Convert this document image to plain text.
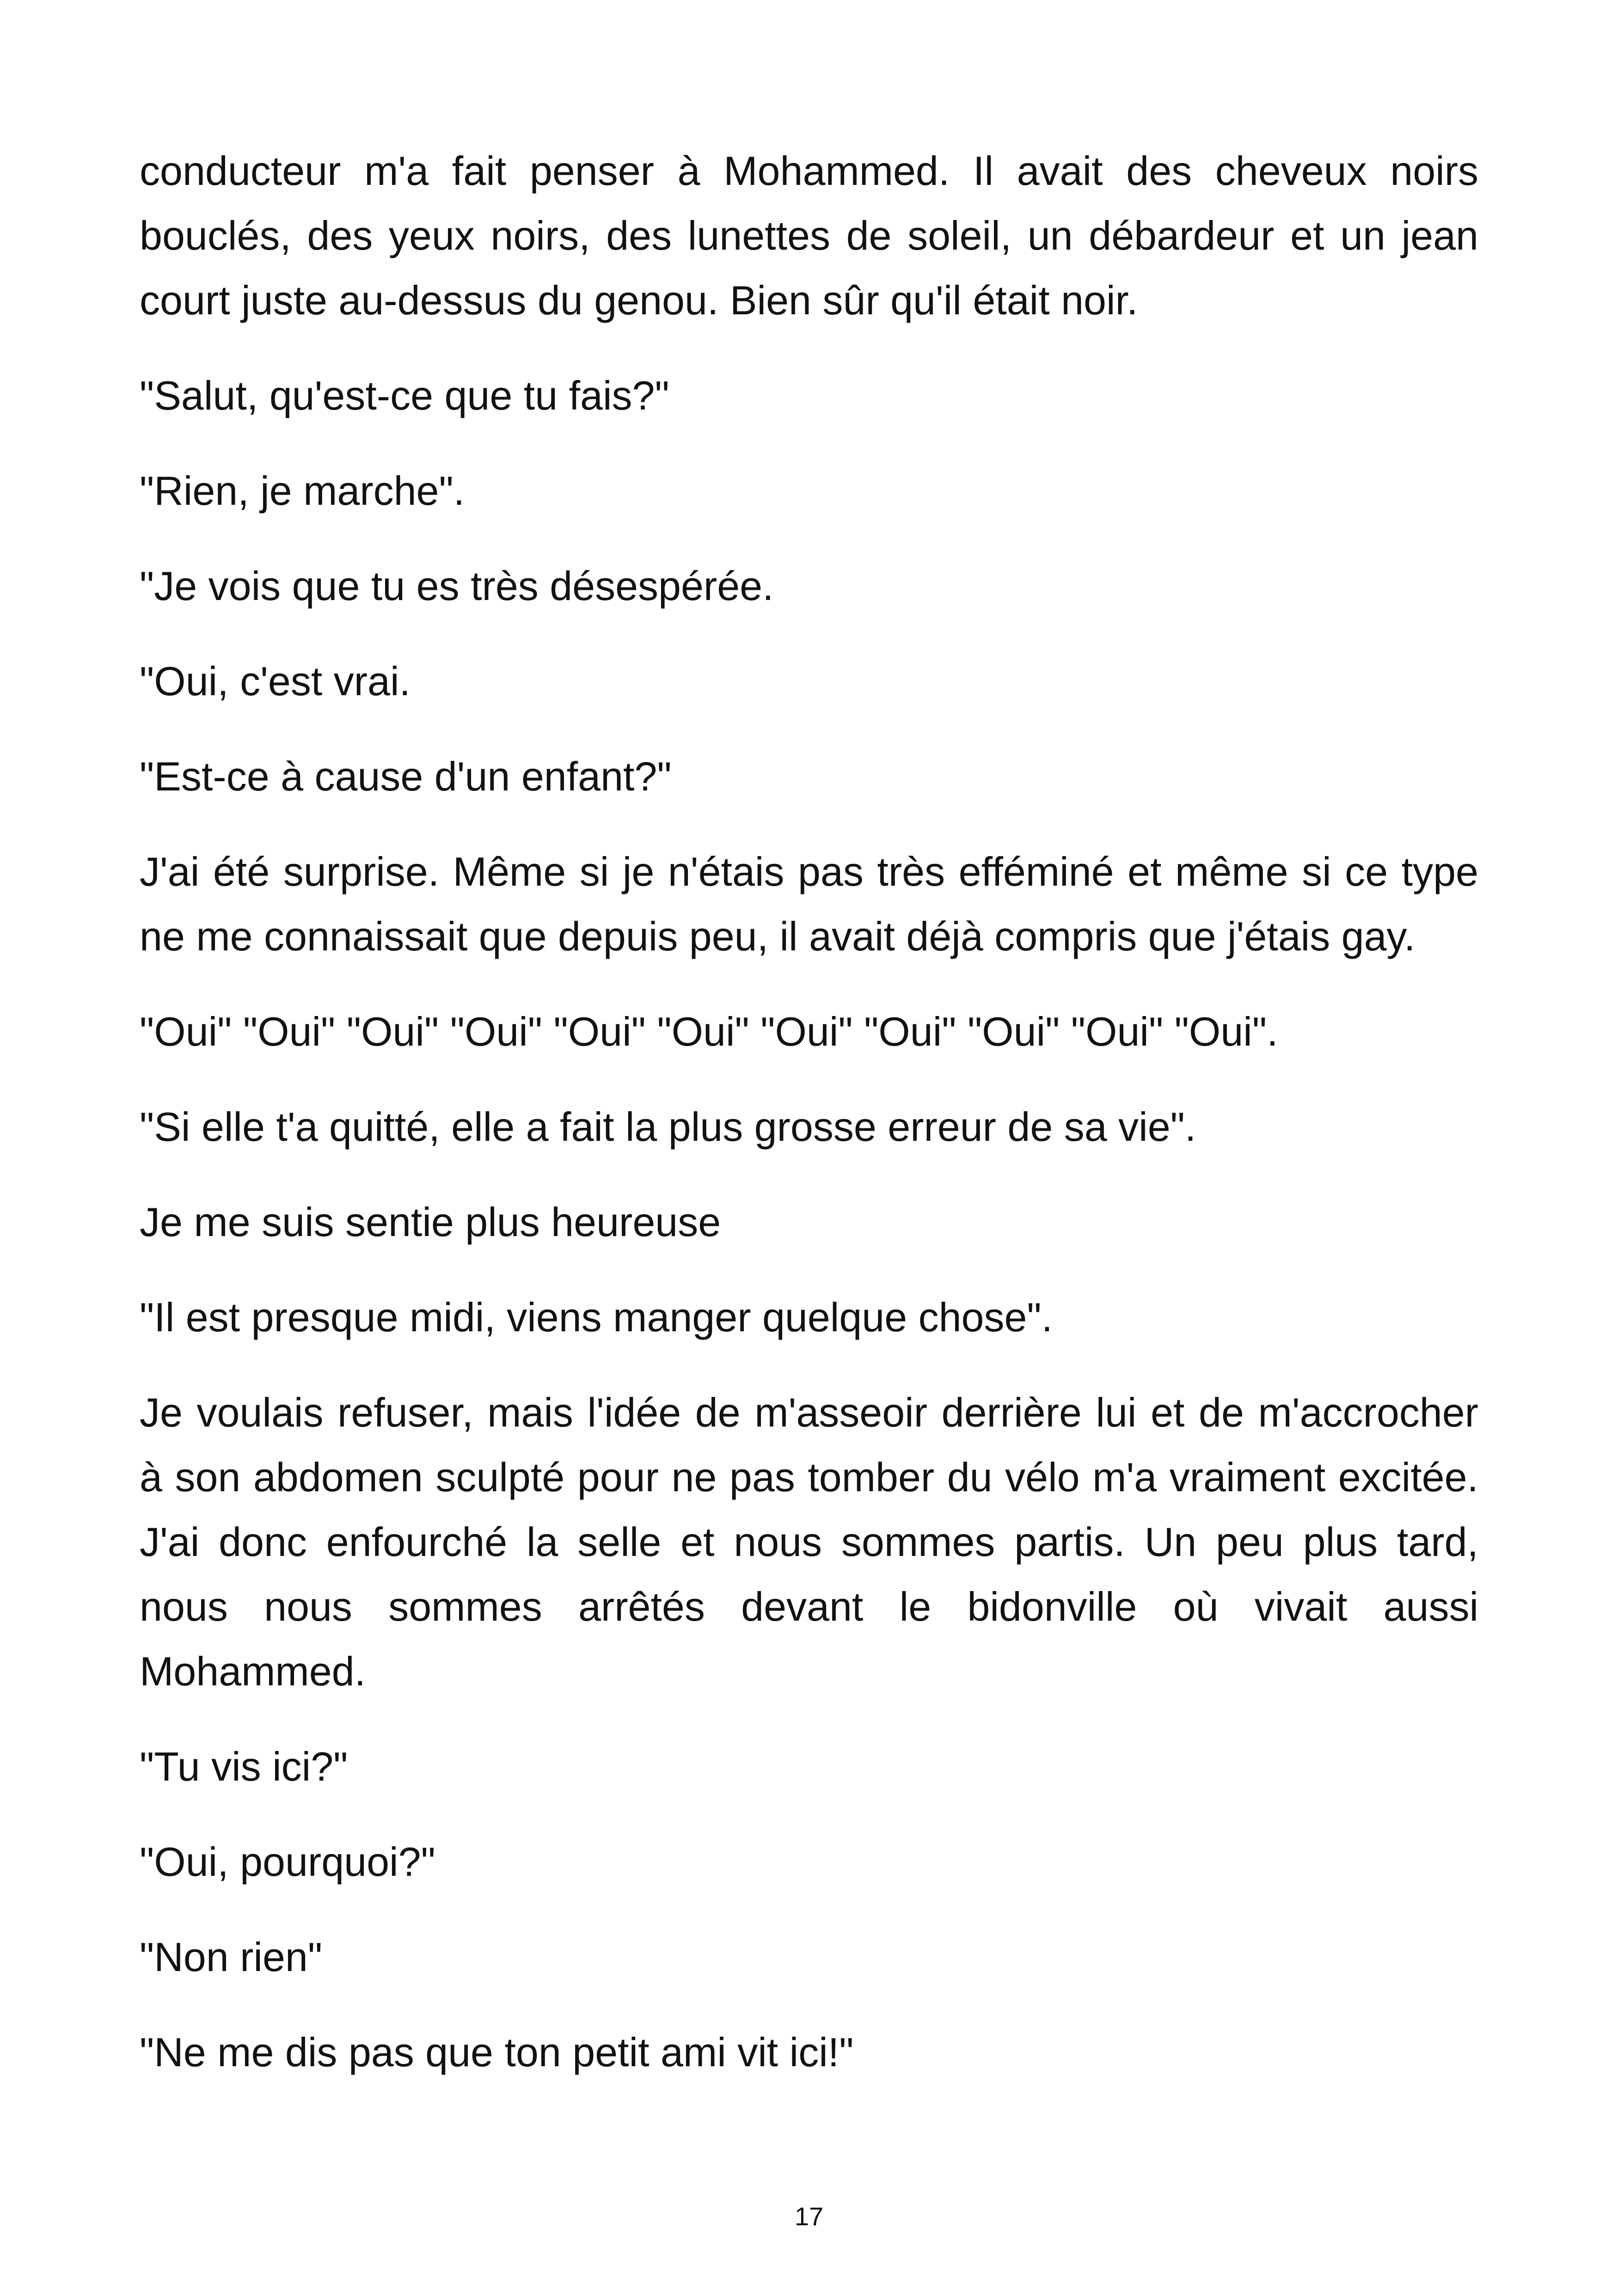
conducteur m'a fait penser à Mohammed. Il avait des cheveux noirs bouclés, des yeux noirs, des lunettes de soleil, un débardeur et un jean court juste au-dessus du genou. Bien sûr qu'il était noir.

"Salut, qu'est-ce que tu fais?"

"Rien, je marche".

"Je vois que tu es très désespérée.

"Oui, c'est vrai.

"Est-ce à cause d'un enfant?"

J'ai été surprise. Même si je n'étais pas très efféminé et même si ce type ne me connaissait que depuis peu, il avait déjà compris que j'étais gay.

"Oui" "Oui" "Oui" "Oui" "Oui" "Oui" "Oui" "Oui" "Oui" "Oui" "Oui".

"Si elle t'a quitté, elle a fait la plus grosse erreur de sa vie".

Je me suis sentie plus heureuse

"Il est presque midi, viens manger quelque chose".

Je voulais refuser, mais l'idée de m'asseoir derrière lui et de m'accrocher à son abdomen sculpté pour ne pas tomber du vélo m'a vraiment excitée. J'ai donc enfourché la selle et nous sommes partis. Un peu plus tard, nous nous sommes arrêtés devant le bidonville où vivait aussi Mohammed.

"Tu vis ici?"

"Oui, pourquoi?"

"Non rien"

"Ne me dis pas que ton petit ami vit ici!"

17
